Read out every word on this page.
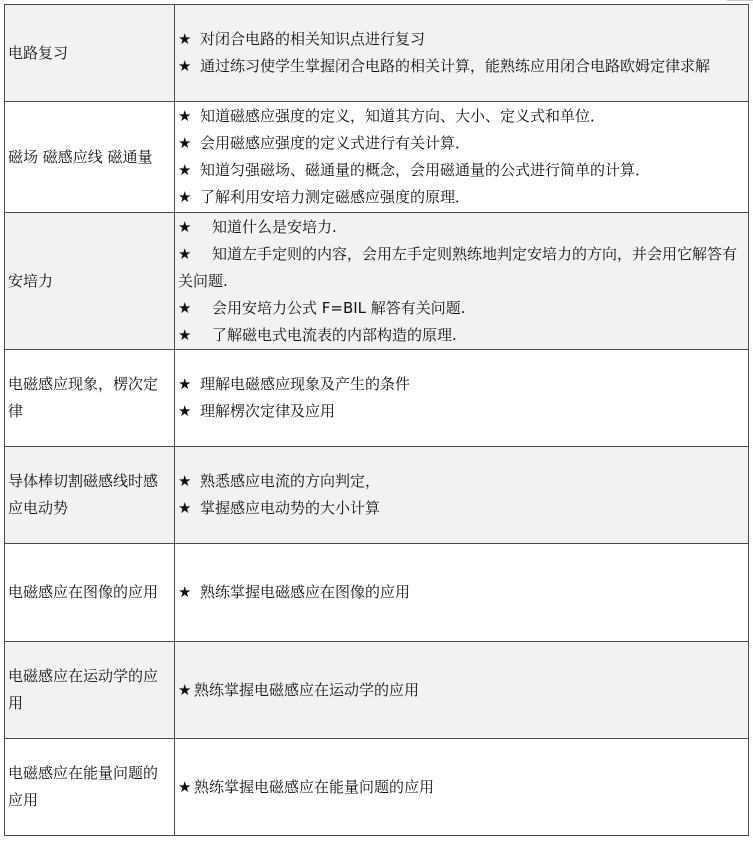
电路复习	★ 对闭合电路的相关知识点进行复习
★ 通过练习使学生掌握闭合电路的相关计算，能熟练应用闭合电路欧姆定律求解

磁场 磁感应线 磁通量	★ 知道磁感应强度的定义，知道其方向、大小、定义式和单位．
★ 会用磁感应强度的定义式进行有关计算．
★ 知道匀强磁场、磁通量的概念，会用磁通量的公式进行简单的计算．
★ 了解利用安培力测定磁感应强度的原理．

安培力	★ 知道什么是安培力.
★ 知道左手定则的内容，会用左手定则熟练地判定安培力的方向，并会用它解答有关问题.
★ 会用安培力公式 F=BIL 解答有关问题.
★ 了解磁电式电流表的内部构造的原理.

电磁感应现象，楞次定律	★ 理解电磁感应现象及产生的条件
★ 理解楞次定律及应用

导体棒切割磁感线时感应电动势	★ 熟悉感应电流的方向判定，
★ 掌握感应电动势的大小计算

电磁感应在图像的应用	★ 熟练掌握电磁感应在图像的应用

电磁感应在运动学的应用	★ 熟练掌握电磁感应在运动学的应用

电磁感应在能量问题的应用	★ 熟练掌握电磁感应在能量问题的应用
